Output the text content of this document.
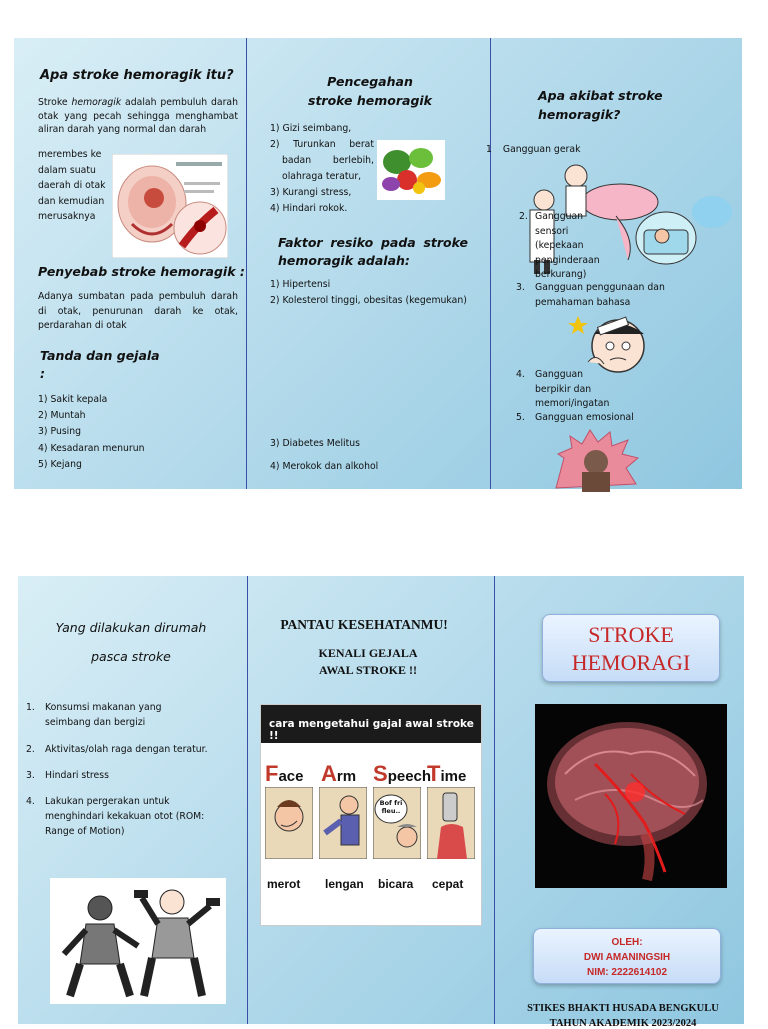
Apa stroke hemoragik itu?
Stroke hemoragik adalah pembuluh darah otak yang pecah sehingga menghambat aliran darah yang normal dan darah
merembes ke
dalam suatu
daerah di otak
dan kemudian
merusaknya
Penyebab stroke hemoragik :
Adanya sumbatan pada pembuluh darah di otak, penurunan darah ke otak, perdarahan di otak
Tanda dan gejala
:
1) Sakit kepala
2) Muntah
3) Pusing
4) Kesadaran menurun
5) Kejang
Pencegahan
stroke hemoragik
1) Gizi seimbang,
2) Turunkan berat
badan berlebih,
olahraga teratur,
3) Kurangi stress,
4) Hindari rokok.
Faktor resiko pada stroke hemoragik adalah:
1) Hipertensi
2) Kolesterol tinggi, obesitas (kegemukan)
3) Diabetes Melitus
4) Merokok dan alkohol
Apa akibat stroke
hemoragik?
1 Gangguan gerak
2. Gangguan sensori (kepekaan penginderaan berkurang)
3. Gangguan penggunaan dan pemahaman bahasa
4. Gangguan berpikir dan memori/ingatan
5. Gangguan emosional
Yang dilakukan dirumah
pasca stroke
1. Konsumsi makanan yang seimbang dan bergizi
2. Aktivitas/olah raga dengan teratur.
3. Hindari stress
4. Lakukan pergerakan untuk menghindari kekakuan otot (ROM: Range of Motion)
PANTAU KESEHATANMU!
KENALI GEJALA
AWAL STROKE !!
cara mengetahui gajal awal stroke !!
Face Arm Speech
Time
Bof fri fleu..
merot lengan bicara cepat
STROKE
HEMORAGI
OLEH:
DWI AMANINGSIH
NIM: 2222614102
STIKES BHAKTI HUSADA BENGKULU
TAHUN AKADEMIK 2023/2024
